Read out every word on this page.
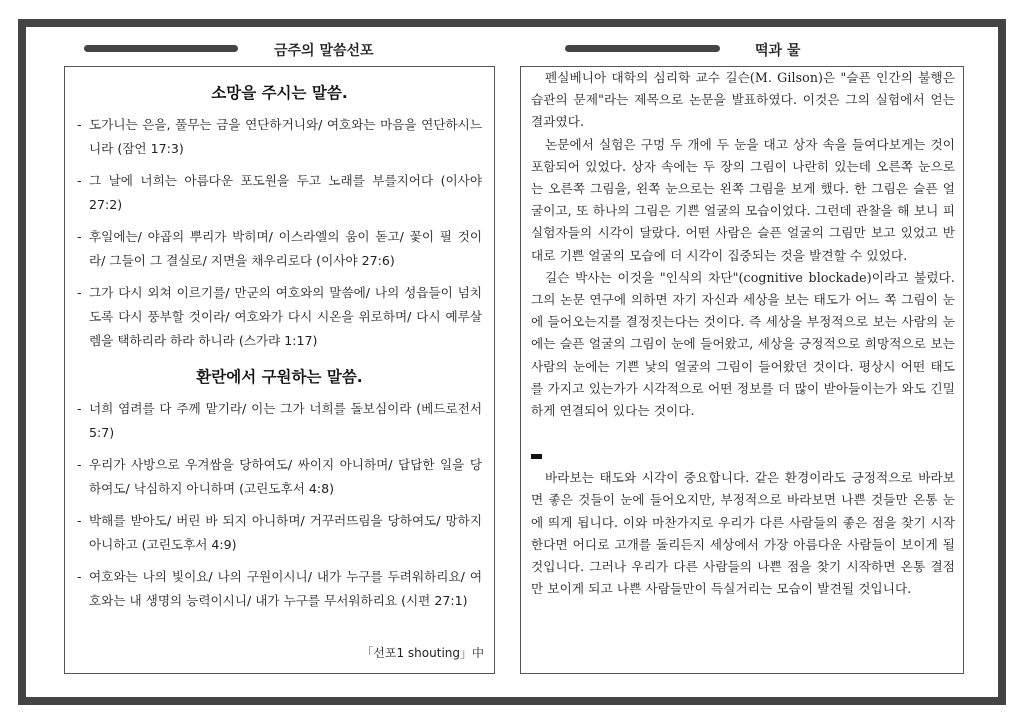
금주의 말씀선포	떡과 물
소망을 주시는 말씀.
- 도가니는 은을, 풀무는 금을 연단하거니와/ 여호와는 마음을 연단하시느니라 (잠언 17:3)
- 그 날에 너희는 아름다운 포도원을 두고 노래를 부를지어다 (이사야 27:2)
- 후일에는/ 야곱의 뿌리가 박히며/ 이스라엘의 움이 돋고/ 꽃이 필 것이라/ 그들이 그 결실로/ 지면을 채우리로다 (이사야 27:6)
- 그가 다시 외쳐 이르기를/ 만군의 여호와의 말씀에/ 나의 성읍들이 넘치도록 다시 풍부할 것이라/ 여호와가 다시 시온을 위로하며/ 다시 예루살렘을 택하리라 하라 하니라 (스가랴 1:17)
환란에서 구원하는 말씀.
- 너희 염려를 다 주께 맡기라/ 이는 그가 너희를 돌보심이라 (베드로전서 5:7)
- 우리가 사방으로 우겨쌈을 당하여도/ 싸이지 아니하며/ 답답한 일을 당하여도/ 낙심하지 아니하며 (고린도후서 4:8)
- 박해를 받아도/ 버린 바 되지 아니하며/ 거꾸러뜨림을 당하여도/ 망하지 아니하고 (고린도후서 4:9)
- 여호와는 나의 빛이요/ 나의 구원이시니/ 내가 누구를 두려워하리요/ 여호와는 내 생명의 능력이시니/ 내가 누구를 무서워하리요 (시편 27:1)
「선포1 shouting」中

펜실베니아 대학의 심리학 교수 길슨(M. Gilson)은 "슬픈 인간의 불행은 습관의 문제"라는 제목으로 논문을 발표하였다. 이것은 그의 실험에서 얻는 결과였다.

논문에서 실험은 구멍 두 개에 두 눈을 대고 상자 속을 들여다보게는 것이 포함되어 있었다. 상자 속에는 두 장의 그림이 나란히 있는데 오른쪽 눈으로는 오른쪽 그림을, 왼쪽 눈으로는 왼쪽 그림을 보게 했다. 한 그림은 슬픈 얼굴이고, 또 하나의 그림은 기쁜 얼굴의 모습이었다. 그런데 관찰을 해 보니 피실험자들의 시각이 달랐다. 어떤 사람은 슬픈 얼굴의 그림만 보고 있었고 반대로 기쁜 얼굴의 모습에 더 시각이 집중되는 것을 발견할 수 있었다.

길슨 박사는 이것을 "인식의 차단"(cognitive blockade)이라고 불렀다. 그의 논문 연구에 의하면 자기 자신과 세상을 보는 태도가 어느 쪽 그림이 눈에 들어오는지를 결정짓는다는 것이다. 즉 세상을 부정적으로 보는 사람의 눈에는 슬픈 얼굴의 그림이 눈에 들어왔고, 세상을 긍정적으로 희망적으로 보는 사람의 눈에는 기쁜 낯의 얼굴의 그림이 들어왔던 것이다. 평상시 어떤 태도를 가지고 있는가가 시각적으로 어떤 정보를 더 많이 받아들이는가 와도 긴밀하게 연결되어 있다는 것이다.

바라보는 태도와 시각이 중요합니다. 같은 환경이라도 긍정적으로 바라보면 좋은 것들이 눈에 들어오지만, 부정적으로 바라보면 나쁜 것들만 온통 눈에 띄게 됩니다. 이와 마찬가지로 우리가 다른 사람들의 좋은 점을 찾기 시작한다면 어디로 고개를 돌리든지 세상에서 가장 아름다운 사람들이 보이게 될 것입니다. 그러나 우리가 다른 사람들의 나쁜 점을 찾기 시작하면 온통 결점만 보이게 되고 나쁜 사람들만이 득실거리는 모습이 발견될 것입니다.
